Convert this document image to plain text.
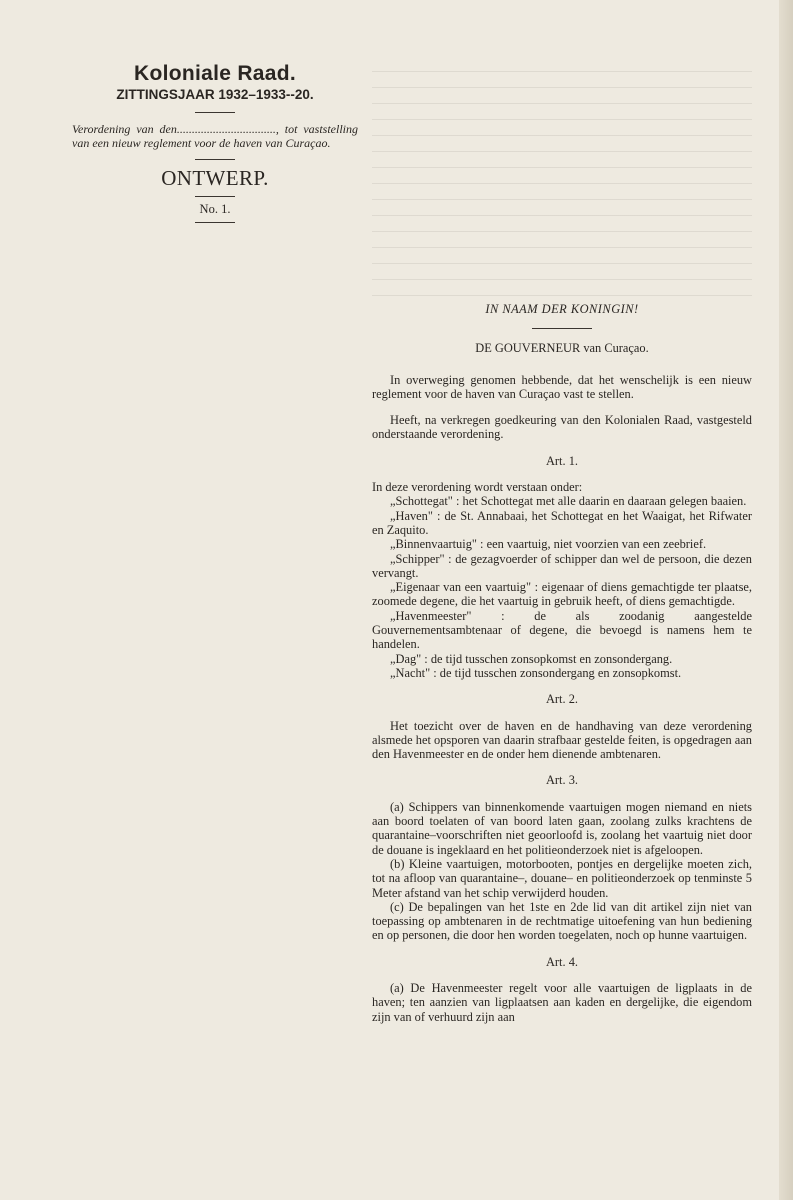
Koloniale Raad.
ZITTINGSJAAR 1932–1933--20.
Verordening van den................................., tot vaststelling van een nieuw reglement voor de haven van Curaçao.
ONTWERP.
No. 1.

IN NAAM DER KONINGIN!

DE GOUVERNEUR van Curaçao.

In overweging genomen hebbende, dat het wenschelijk is een nieuw reglement voor de haven van Curaçao vast te stellen.

Heeft, na verkregen goedkeuring van den Kolonialen Raad, vastgesteld onderstaande verordening.

Art. 1.

In deze verordening wordt verstaan onder:

„Schottegat" : het Schottegat met alle daarin en daaraan gelegen baaien.

„Haven" : de St. Annabaai, het Schottegat en het Waaigat, het Rifwater en Zaquito.

„Binnenvaartuig" : een vaartuig, niet voorzien van een zeebrief.

„Schipper" : de gezagvoerder of schipper dan wel de persoon, die dezen vervangt.

„Eigenaar van een vaartuig" : eigenaar of diens gemachtigde ter plaatse, zoomede degene, die het vaartuig in gebruik heeft, of diens gemachtigde.

„Havenmeester" : de als zoodanig aangestelde Gouvernementsambtenaar of degene, die bevoegd is namens hem te handelen.

„Dag" : de tijd tusschen zonsopkomst en zonsondergang.

„Nacht" : de tijd tusschen zonsondergang en zonsopkomst.

Art. 2.

Het toezicht over de haven en de handhaving van deze verordening alsmede het opsporen van daarin strafbaar gestelde feiten, is opgedragen aan den Havenmeester en de onder hem dienende ambtenaren.

Art. 3.

(a) Schippers van binnenkomende vaartuigen mogen niemand en niets aan boord toelaten of van boord laten gaan, zoolang zulks krachtens de quarantaine–voorschriften niet geoorloofd is, zoolang het vaartuig niet door de douane is ingeklaard en het politieonderzoek niet is afgeloopen.

(b) Kleine vaartuigen, motorbooten, pontjes en dergelijke moeten zich, tot na afloop van quarantaine–, douane– en politieonderzoek op tenminste 5 Meter afstand van het schip verwijderd houden.

(c) De bepalingen van het 1ste en 2de lid van dit artikel zijn niet van toepassing op ambtenaren in de rechtmatige uitoefening van hun bediening en op personen, die door hen worden toegelaten, noch op hunne vaartuigen.

Art. 4.

(a) De Havenmeester regelt voor alle vaartuigen de ligplaats in de haven; ten aanzien van ligplaatsen aan kaden en dergelijke, die eigendom zijn van of verhuurd zijn aan
